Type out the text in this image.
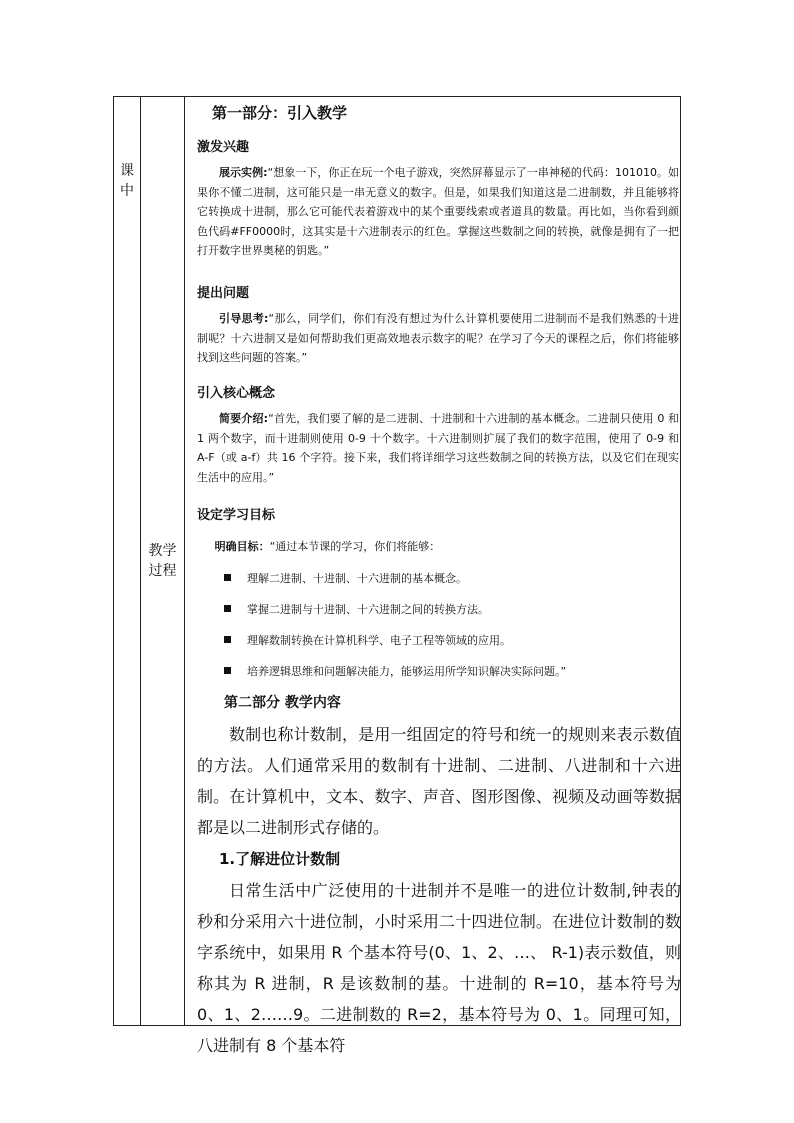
课
中
教学
过程
第一部分：引入教学
激发兴趣

展示实例:“想象一下，你正在玩一个电子游戏，突然屏幕显示了一串神秘的代码：101010。如果你不懂二进制，这可能只是一串无意义的数字。但是，如果我们知道这是二进制数，并且能够将它转换成十进制，那么它可能代表着游戏中的某个重要线索或者道具的数量。再比如，当你看到颜色代码#FF0000时，这其实是十六进制表示的红色。掌握这些数制之间的转换，就像是拥有了一把打开数字世界奥秘的钥匙。”

提出问题

引导思考:“那么，同学们，你们有没有想过为什么计算机要使用二进制而不是我们熟悉的十进制呢？十六进制又是如何帮助我们更高效地表示数字的呢？在学习了今天的课程之后，你们将能够找到这些问题的答案。”

引入核心概念

简要介绍:“首先，我们要了解的是二进制、十进制和十六进制的基本概念。二进制只使用 0 和 1 两个数字，而十进制则使用 0-9 十个数字。十六进制则扩展了我们的数字范围，使用了 0-9 和 A-F（或 a-f）共 16 个字符。接下来，我们将详细学习这些数制之间的转换方法，以及它们在现实生活中的应用。”

设定学习目标

明确目标：“通过本节课的学习，你们将能够：

理解二进制、十进制、十六进制的基本概念。
掌握二进制与十进制、十六进制之间的转换方法。
理解数制转换在计算机科学、电子工程等领域的应用。
培养逻辑思维和问题解决能力，能够运用所学知识解决实际问题。”
第二部分 教学内容

数制也称计数制，是用一组固定的符号和统一的规则来表示数值的方法。人们通常采用的数制有十进制、二进制、八进制和十六进制。在计算机中，文本、数字、声音、图形图像、视频及动画等数据都是以二进制形式存储的。

1.了解进位计数制

日常生活中广泛使用的十进制并不是唯一的进位计数制,钟表的秒和分采用六十进位制，小时采用二十四进位制。在进位计数制的数字系统中，如果用 R 个基本符号(0、1、2、…、 R-1)表示数值，则称其为 R 进制，R 是该数制的基。十进制的 R=10，基本符号为 0、1、2……9。二进制数的 R=2，基本符号为 0、1。同理可知，八进制有 8 个基本符
